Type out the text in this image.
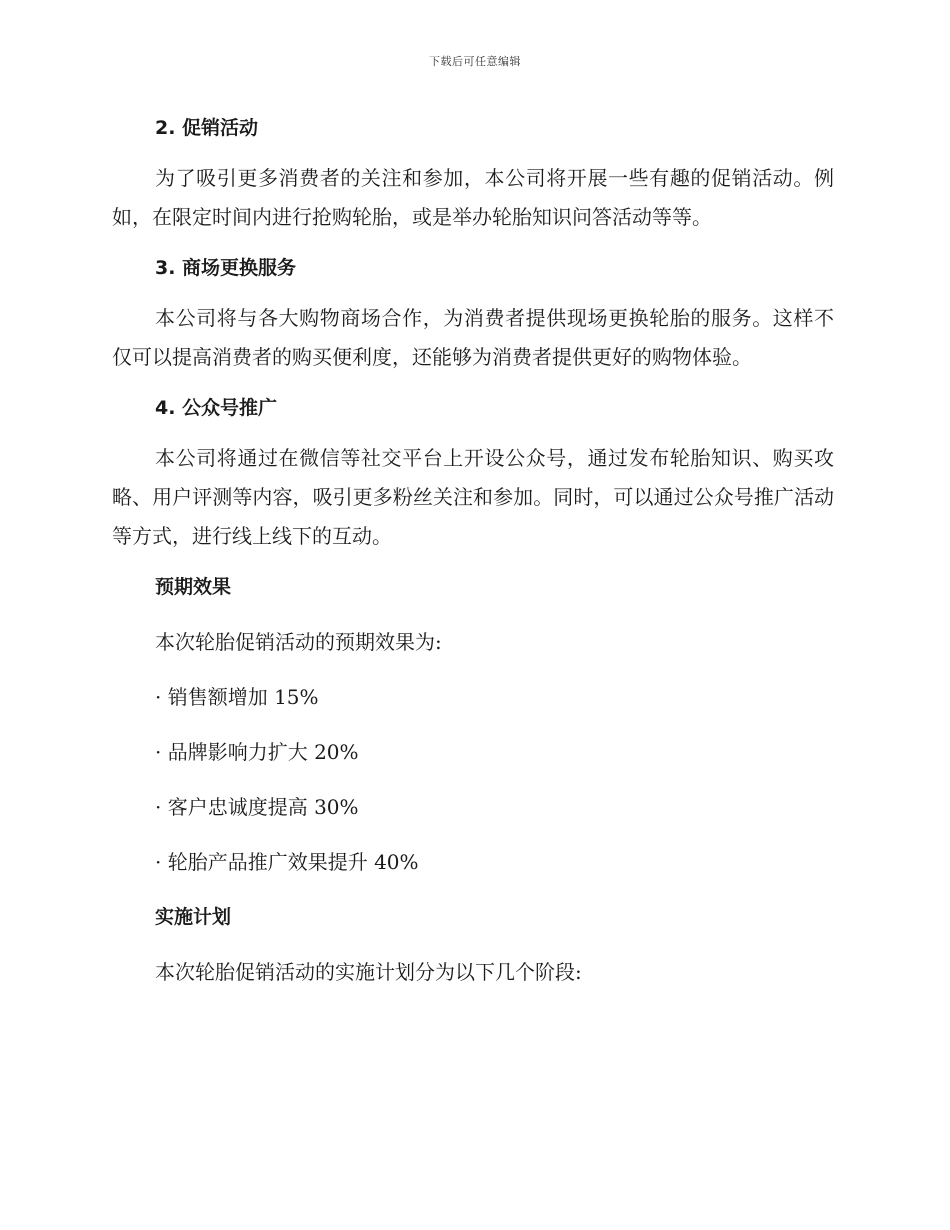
下载后可任意编辑
2. 促销活动

为了吸引更多消费者的关注和参加，本公司将开展一些有趣的促销活动。例如，在限定时间内进行抢购轮胎，或是举办轮胎知识问答活动等等。

3. 商场更换服务

本公司将与各大购物商场合作，为消费者提供现场更换轮胎的服务。这样不仅可以提高消费者的购买便利度，还能够为消费者提供更好的购物体验。

4. 公众号推广

本公司将通过在微信等社交平台上开设公众号，通过发布轮胎知识、购买攻略、用户评测等内容，吸引更多粉丝关注和参加。同时，可以通过公众号推广活动等方式，进行线上线下的互动。

预期效果
本次轮胎促销活动的预期效果为:
· 销售额增加 15%
· 品牌影响力扩大 20%
· 客户忠诚度提高 30%
· 轮胎产品推广效果提升 40%
实施计划
本次轮胎促销活动的实施计划分为以下几个阶段:
